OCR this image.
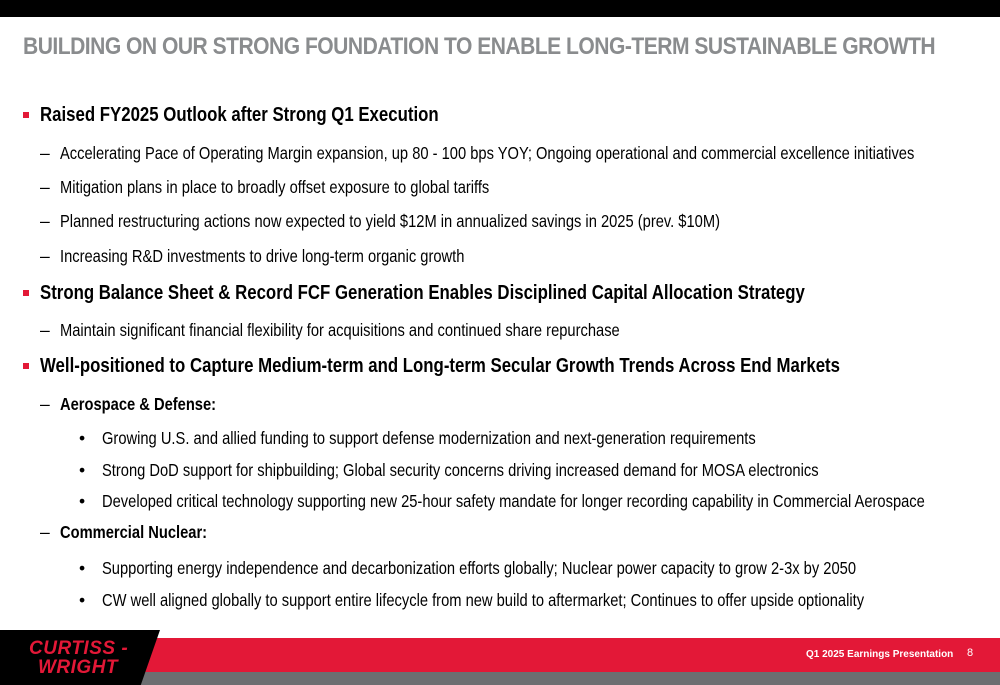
BUILDING ON OUR STRONG FOUNDATION TO ENABLE LONG-TERM SUSTAINABLE GROWTH
Raised FY2025 Outlook after Strong Q1 Execution
– Accelerating Pace of Operating Margin expansion, up 80 - 100 bps YOY; Ongoing operational and commercial excellence initiatives
– Mitigation plans in place to broadly offset exposure to global tariffs
– Planned restructuring actions now expected to yield $12M in annualized savings in 2025 (prev. $10M)
– Increasing R&D investments to drive long-term organic growth
Strong Balance Sheet & Record FCF Generation Enables Disciplined Capital Allocation Strategy
– Maintain significant financial flexibility for acquisitions and continued share repurchase
Well-positioned to Capture Medium-term and Long-term Secular Growth Trends Across End Markets
– Aerospace & Defense:
• Growing U.S. and allied funding to support defense modernization and next-generation requirements
• Strong DoD support for shipbuilding; Global security concerns driving increased demand for MOSA electronics
• Developed critical technology supporting new 25-hour safety mandate for longer recording capability in Commercial Aerospace
– Commercial Nuclear:
• Supporting energy independence and decarbonization efforts globally; Nuclear power capacity to grow 2-3x by 2050
• CW well aligned globally to support entire lifecycle from new build to aftermarket; Continues to offer upside optionality
CURTISS -
WRIGHT
Q1 2025 Earnings Presentation 8
